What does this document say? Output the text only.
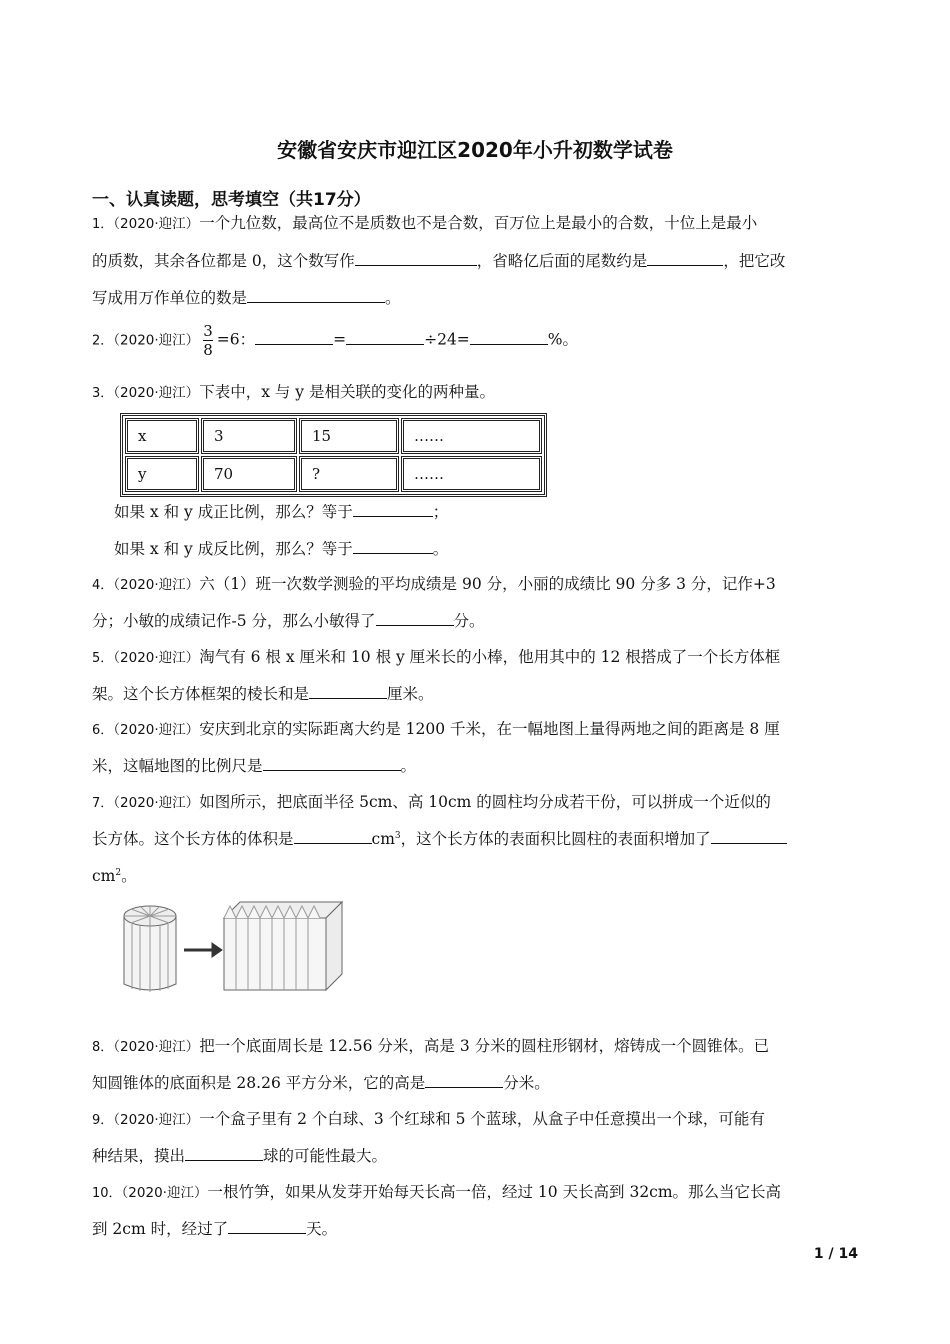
安徽省安庆市迎江区2020年小升初数学试卷
一、认真读题，思考填空（共17分）
1．（2020·迎江）一个九位数，最高位不是质数也不是合数，百万位上是最小的合数，十位上是最小
的质数，其余各位都是 0，这个数写作	，省略亿后面的尾数约是	，把它改
写成用万作单位的数是	。
2．（2020·迎江） $\frac{3}{8} =6$：	=	÷24=	%。
3．（2020·迎江）下表中，x 与 y 是相关联的变化的两种量。
x	3	15	……
y	70	?	……
如果 x 和 y 成正比例，那么？等于	；
如果 x 和 y 成反比例，那么？等于	。
4．（2020·迎江）六（1）班一次数学测验的平均成绩是 90 分，小丽的成绩比 90 分多 3 分，记作+3
分；小敏的成绩记作-5 分，那么小敏得了	分。
5．（2020·迎江）淘气有 6 根 x 厘米和 10 根 y 厘米长的小棒，他用其中的 12 根搭成了一个长方体框
架。这个长方体框架的棱长和是	厘米。
6．（2020·迎江）安庆到北京的实际距离大约是 1200 千米，在一幅地图上量得两地之间的距离是 8 厘
米，这幅地图的比例尺是	。
7．（2020·迎江）如图所示，把底面半径 5cm、高 10cm 的圆柱均分成若干份，可以拼成一个近似的
长方体。这个长方体的体积是	$cm^3$，这个长方体的表面积比圆柱的表面积增加了
$cm^2$。
8．（2020·迎江）把一个底面周长是 12.56 分米，高是 3 分米的圆柱形钢材，熔铸成一个圆锥体。已
知圆锥体的底面积是 28.26 平方分米，它的高是	分米。
9．（2020·迎江）一个盒子里有 2 个白球、3 个红球和 5 个蓝球，从盒子中任意摸出一个球，可能有
种结果，摸出	球的可能性最大。
10．（2020·迎江）一根竹笋，如果从发芽开始每天长高一倍，经过 10 天长高到 32cm。那么当它长高
到 2cm 时，经过了	天。
1 / 14
